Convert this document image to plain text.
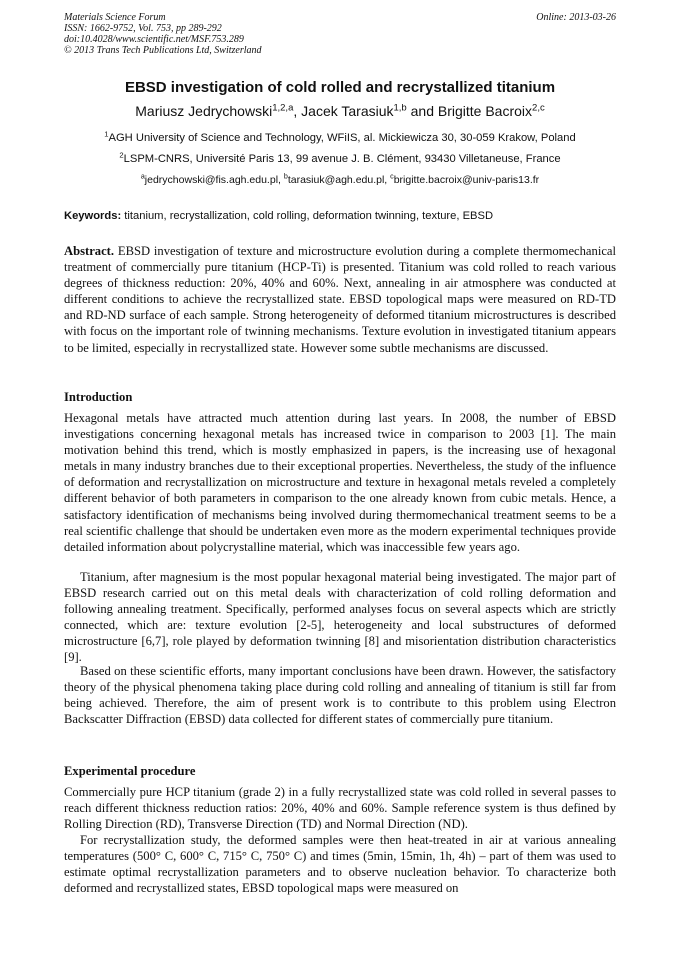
Materials Science Forum
ISSN: 1662-9752, Vol. 753, pp 289-292
doi:10.4028/www.scientific.net/MSF.753.289
© 2013 Trans Tech Publications Ltd, Switzerland
Online: 2013-03-26
EBSD investigation of cold rolled and recrystallized titanium
Mariusz Jedrychowski$^{1,2,a}$, Jacek Tarasiuk$^{1,b}$ and Brigitte Bacroix$^{2,c}$
$^1$AGH University of Science and Technology, WFiIS, al. Mickiewicza 30, 30-059 Krakow, Poland
$^2$LSPM-CNRS, Université Paris 13, 99 avenue J. B. Clément, 93430 Villetaneuse, France
$^a$jedrychowski@fis.agh.edu.pl, $^b$tarasiuk@agh.edu.pl, $^c$brigitte.bacroix@univ-paris13.fr
Keywords: titanium, recrystallization, cold rolling, deformation twinning, texture, EBSD

Abstract. EBSD investigation of texture and microstructure evolution during a complete thermomechanical treatment of commercially pure titanium (HCP-Ti) is presented. Titanium was cold rolled to reach various degrees of thickness reduction: 20%, 40% and 60%. Next, annealing in air atmosphere was conducted at different conditions to achieve the recrystallized state. EBSD topological maps were measured on RD-TD and RD-ND surface of each sample. Strong heterogeneity of deformed titanium microstructures is described with focus on the important role of twinning mechanisms. Texture evolution in investigated titanium appears to be limited, especially in recrystallized state. However some subtle mechanisms are discussed.

Introduction

Hexagonal metals have attracted much attention during last years. In 2008, the number of EBSD investigations concerning hexagonal metals has increased twice in comparison to 2003 [1]. The main motivation behind this trend, which is mostly emphasized in papers, is the increasing use of hexagonal metals in many industry branches due to their exceptional properties. Nevertheless, the study of the influence of deformation and recrystallization on microstructure and texture in hexagonal metals reveled a completely different behavior of both parameters in comparison to the one already known from cubic metals. Hence, a satisfactory identification of mechanisms being involved during thermomechanical treatment seems to be a real scientific challenge that should be undertaken even more as the modern experimental techniques provide detailed information about polycrystalline material, which was inaccessible few years ago.

Titanium, after magnesium is the most popular hexagonal material being investigated. The major part of EBSD research carried out on this metal deals with characterization of cold rolling deformation and following annealing treatment. Specifically, performed analyses focus on several aspects which are strictly connected, which are: texture evolution [2-5], heterogeneity and local substructures of deformed microstructure [6,7], role played by deformation twinning [8] and misorientation distribution characteristics [9].

Based on these scientific efforts, many important conclusions have been drawn. However, the satisfactory theory of the physical phenomena taking place during cold rolling and annealing of titanium is still far from being achieved. Therefore, the aim of present work is to contribute to this problem using Electron Backscatter Diffraction (EBSD) data collected for different states of commercially pure titanium.

Experimental procedure

Commercially pure HCP titanium (grade 2) in a fully recrystallized state was cold rolled in several passes to reach different thickness reduction ratios: 20%, 40% and 60%. Sample reference system is thus defined by Rolling Direction (RD), Transverse Direction (TD) and Normal Direction (ND).

For recrystallization study, the deformed samples were then heat-treated in air at various annealing temperatures (500° C, 600° C, 715° C, 750° C) and times (5min, 15min, 1h, 4h) – part of them was used to estimate optimal recrystallization parameters and to observe nucleation behavior. To characterize both deformed and recrystallized states, EBSD topological maps were measured on
